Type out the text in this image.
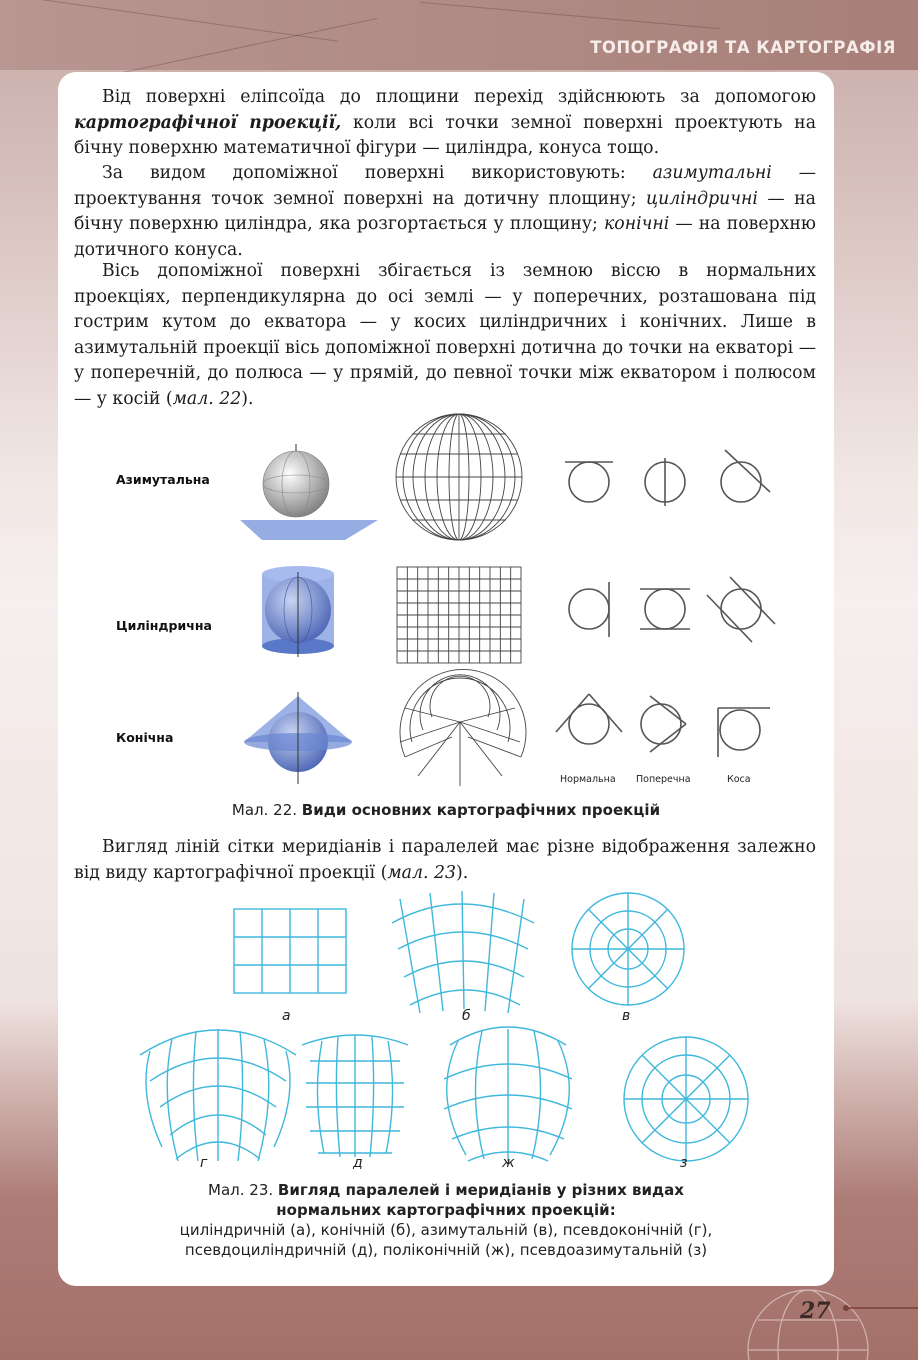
ТОПОГРАФІЯ ТА КАРТОГРАФІЯ

Від поверхні еліпсоїда до площини перехід здійснюють за допомогою картографічної проекції, коли всі точки земної поверхні проектують на бічну поверхню математичної фігури — циліндра, конуса тощо.

За видом допоміжної поверхні використовують: азимутальні — проектування точок земної поверхні на дотичну площину; циліндричні — на бічну поверхню циліндра, яка розгортається у площину; конічні — на поверхню дотичного конуса.

Вісь допоміжної поверхні збігається із земною віссю в нормальних проекціях, перпендикулярна до осі землі — у поперечних, розташована під гострим кутом до екватора — у косих циліндричних і конічних. Лише в азимутальній проекції вісь допоміжної поверхні дотична до точки на екваторі — у поперечній, до полюса — у прямій, до певної точки між екватором і полюсом — у косій (мал. 22).

Азимутальна
Циліндрична
Конічна
Нормальна Поперечна	Коса
Мал. 22. Види основних картографічних проекцій

Вигляд ліній сітки меридіанів і паралелей має різне відображення залежно від виду картографічної проекції (мал. 23).

а	б	в
г	д	ж	з
Мал. 23. Вигляд паралелей і меридіанів у різних видах
нормальних картографічних проекцій:
циліндричній (а), конічній (б), азимутальній (в), псевдоконічній (г),
псевдоциліндричній (д), поліконічній (ж), псевдоазимутальній (з)
27
